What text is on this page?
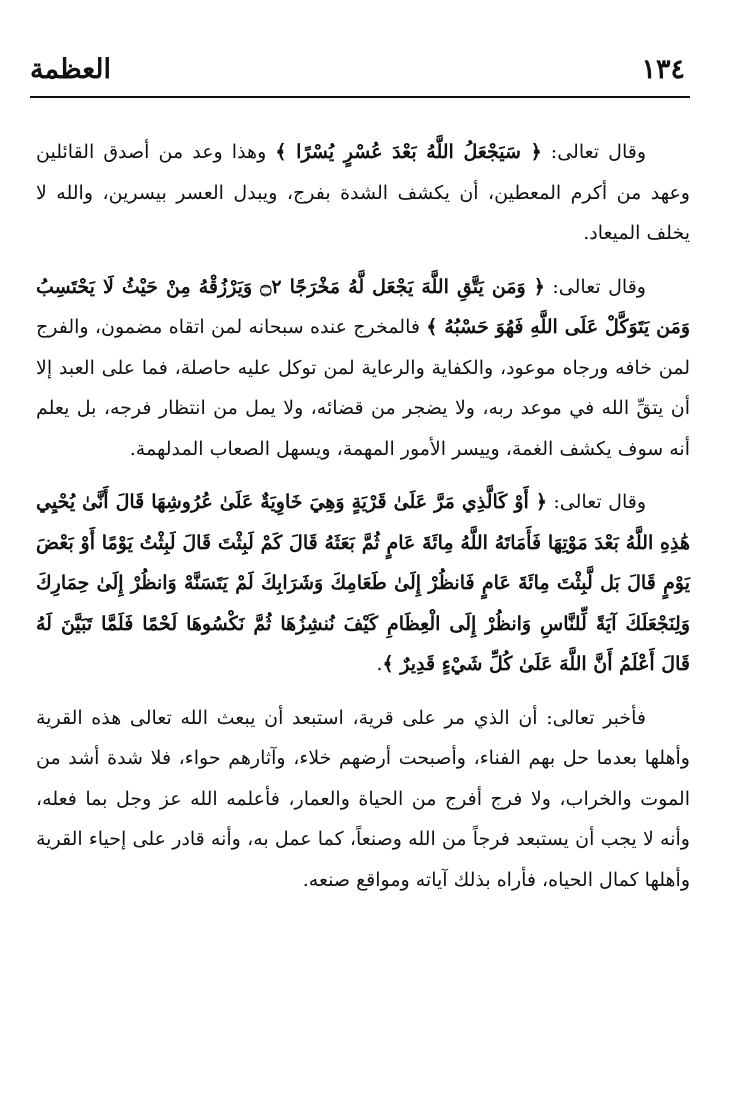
١٣٤
العظمة

وقال تعالى: ﴿ سَيَجْعَلُ اللَّهُ بَعْدَ عُسْرٍ يُسْرًا ﴾ وهذا وعد من أصدق القائلين وعهد من أكرم المعطين، أن يكشف الشدة بفرج، ويبدل العسر بيسرين، والله لا يخلف الميعاد.

وقال تعالى: ﴿ وَمَن يَتَّقِ اللَّهَ يَجْعَل لَّهُ مَخْرَجًا ۝٢ وَيَرْزُقْهُ مِنْ حَيْثُ لَا يَحْتَسِبُ وَمَن يَتَوَكَّلْ عَلَى اللَّهِ فَهُوَ حَسْبُهُ ﴾ فالمخرج عنده سبحانه لمن اتقاه مضمون، والفرج لمن خافه ورجاه موعود، والكفاية والرعاية لمن توكل عليه حاصلة، فما على العبد إلا أن يتقِّ الله في موعد ربه، ولا يضجر من قضائه، ولا يمل من انتظار فرجه، بل يعلم أنه سوف يكشف الغمة، وييسر الأمور المهمة، ويسهل الصعاب المدلهمة.

وقال تعالى: ﴿ أَوْ كَالَّذِي مَرَّ عَلَىٰ قَرْيَةٍ وَهِيَ خَاوِيَةٌ عَلَىٰ عُرُوشِهَا قَالَ أَنَّىٰ يُحْيِي هَٰذِهِ اللَّهُ بَعْدَ مَوْتِهَا فَأَمَاتَهُ اللَّهُ مِائَةَ عَامٍ ثُمَّ بَعَثَهُ قَالَ كَمْ لَبِثْتَ قَالَ لَبِثْتُ يَوْمًا أَوْ بَعْضَ يَوْمٍ قَالَ بَل لَّبِثْتَ مِائَةَ عَامٍ فَانظُرْ إِلَىٰ طَعَامِكَ وَشَرَابِكَ لَمْ يَتَسَنَّهْ وَانظُرْ إِلَىٰ حِمَارِكَ وَلِنَجْعَلَكَ آيَةً لِّلنَّاسِ وَانظُرْ إِلَى الْعِظَامِ كَيْفَ نُنشِزُهَا ثُمَّ نَكْسُوهَا لَحْمًا فَلَمَّا تَبَيَّنَ لَهُ قَالَ أَعْلَمُ أَنَّ اللَّهَ عَلَىٰ كُلِّ شَيْءٍ قَدِيرٌ ﴾.

فأخبر تعالى: أن الذي مر على قرية، استبعد أن يبعث الله تعالى هذه القرية وأهلها بعدما حل بهم الفناء، وأصبحت أرضهم خلاء، وآثارهم حواء، فلا شدة أشد من الموت والخراب، ولا فرج أفرج من الحياة والعمار، فأعلمه الله عز وجل بما فعله، وأنه لا يجب أن يستبعد فرجاً من الله وصنعاً، كما عمل به، وأنه قادر على إحياء القرية وأهلها كمال الحياه، فأراه بذلك آياته ومواقع صنعه.
